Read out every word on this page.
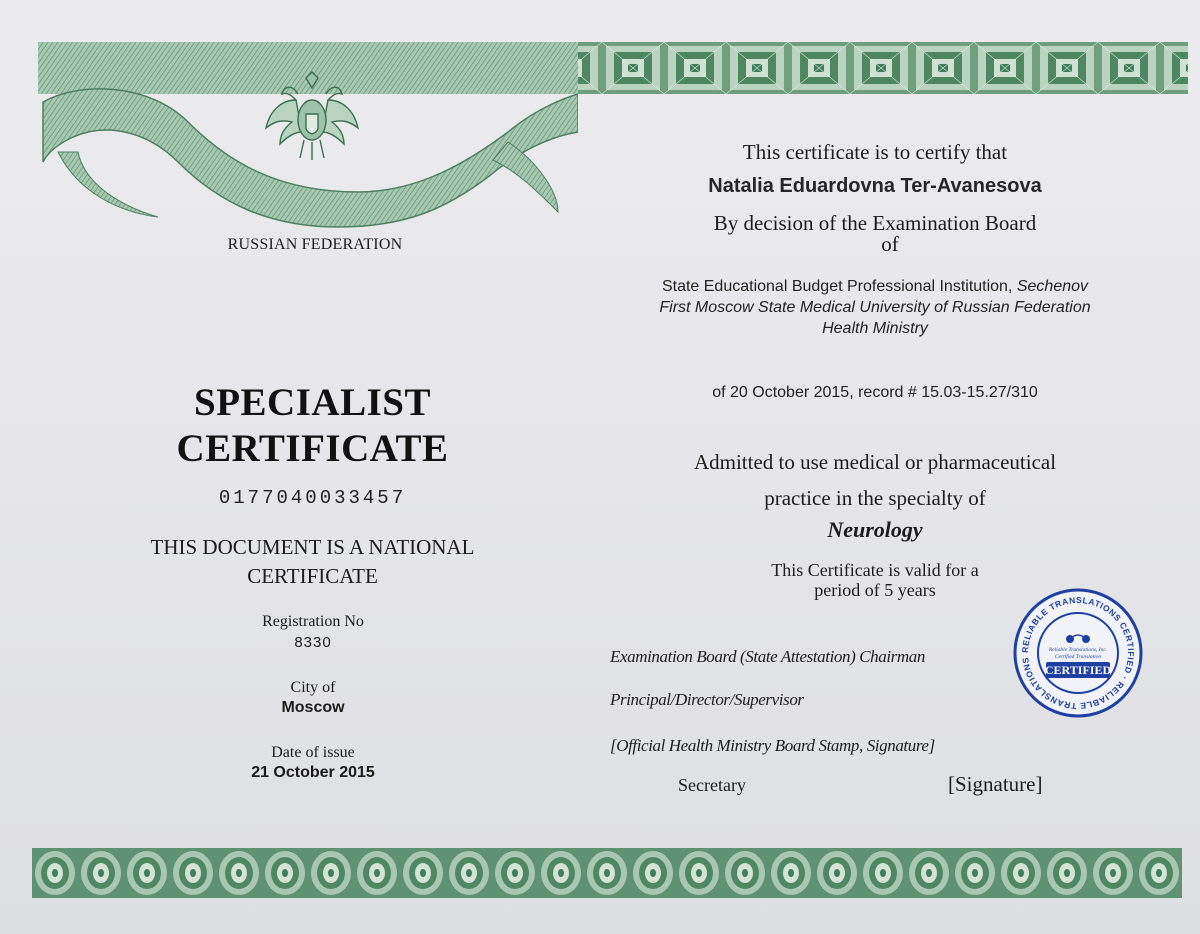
RUSSIAN FEDERATION
SPECIALIST
CERTIFICATE
0177040033457
THIS DOCUMENT IS A NATIONAL
CERTIFICATE
Registration No
8330
City of
Moscow
Date of issue
21 October 2015
This certificate is to certify that
Natalia Eduardovna Ter-Avanesova
By decision of the Examination Board
of
State Educational Budget Professional Institution, Sechenov
First Moscow State Medical University of Russian Federation
Health Ministry
of 20 October 2015, record # 15.03-15.27/310
Admitted to use medical or pharmaceutical
practice in the specialty of
Neurology
This Certificate is valid for a
period of 5 years
Examination Board (State Attestation) Chairman
Principal/Director/Supervisor
[Official Health Ministry Board Stamp, Signature]
Secretary	[Signature]
RELIABLE TRANSLATIONS CERTIFIED · RELIABLE TRANSLATIONS
Reliable Translations, Inc.
Certified Translation
CERTIFIED
